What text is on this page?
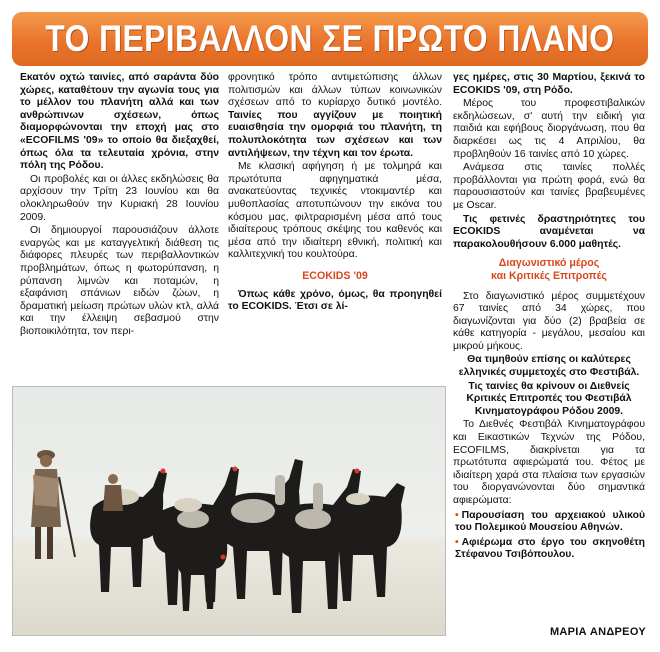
ΤΟ ΠΕΡΙΒΑΛΛΟΝ ΣΕ ΠΡΩΤΟ ΠΛΑΝΟ

Εκατόν οχτώ ταινίες, από σαράντα δύο χώρες, καταθέτουν την αγωνία τους για το μέλλον του πλανήτη αλλά και των ανθρώπινων σχέσεων, όπως διαμορφώνονται την εποχή μας στο «ECOFILMS '09» το οποίο θα διεξαχθεί, όπως όλα τα τελευταία χρόνια, στην πόλη της Ρόδου.

Οι προβολές και οι άλλες εκδηλώσεις θα αρχίσουν την Τρίτη 23 Ιουνίου και θα ολοκληρωθούν την Κυριακή 28 Ιουνίου 2009.

Οι δημιουργοί παρουσιάζουν άλλοτε εναργώς και με καταγγελτική διάθεση τις διάφορες πλευρές των περιβαλλοντικών προβλημάτων, όπως η φωτορύπανση, η ρύπανση λιμνών και ποταμών, η εξαφάνιση σπάνιων ειδών ζώων, η δραματική μείωση πρώτων υλών κτλ, αλλά και την έλλειψη σεβασμού στην βιοποικιλότητα, τον περι-

φρονητικό τρόπο αντιμετώπισης άλλων πολιτισμών και άλλων τύπων κοινωνικών σχέσεων από το κυρίαρχο δυτικό μοντέλο. Ταινίες που αγγίζουν με ποιητική ευαισθησία την ομορφιά του πλανήτη, τη πολυπλοκότητα των σχέσεων και των αντιλήψεων, την τέχνη και τον έρωτα.

Με κλασική αφήγηση ή με τολμηρά και πρωτότυπα αφηγηματικά μέσα, ανακατεύοντας τεχνικές ντοκιμαντέρ και μυθοπλασίας αποτυπώνουν την εικόνα του κόσμου μας, φιλτραρισμένη μέσα από τους ιδιαίτερους τρόπους σκέψης του καθενός και μέσα από την ιδιαίτερη εθνική, πολιτική και καλλιτεχνική του κουλτούρα.

ECOKIDS '09

Όπως κάθε χρόνο, όμως, θα προηγηθεί το ECOKIDS. Έτσι σε λί-

γες ημέρες, στις 30 Μαρτίου, ξεκινά το ECOKIDS '09, στη Ρόδο.

Μέρος του προφεστιβαλικών εκδηλώσεων, σ' αυτή την ειδική για παιδιά και εφήβους διοργάνωση, που θα διαρκέσει ως τις 4 Απριλίου, θα προβληθούν 16 ταινίες από 10 χώρες.

Ανάμεσα στις ταινίες πολλές προβάλλονται για πρώτη φορά, ενώ θα παρουσιαστούν και ταινίες βραβευμένες με Oscar.

Τις φετινές δραστηριότητες του ECOKIDS αναμένεται να παρακολουθήσουν 6.000 μαθητές.

Διαγωνιστικό μέρος
και Κριτικές Επιτροπές

Στο διαγωνιστικό μέρος συμμετέχουν 67 ταινίες από 34 χώρες, που διαγωνίζονται για δύο (2) βραβεία σε κάθε κατηγορία - μεγάλου, μεσαίου και μικρού μήκους.

Θα τιμηθούν επίσης οι καλύτερες ελληνικές συμμετοχές στο Φεστιβάλ.

Τις ταινίες θα κρίνουν οι Διεθνείς Κριτικές Επιτροπές του Φεστιβάλ Κινηματογράφου Ρόδου 2009.

Το Διεθνές Φεστιβάλ Κινηματογράφου και Εικαστικών Τεχνών της Ρόδου, ECOFILMS, διακρίνεται για τα πρωτότυπα αφιερώματά του. Φέτος με ιδιαίτερη χαρά στα πλαίσια των εργασιών του διοργανώνονται δύο σημαντικά αφιερώματα:

• Παρουσίαση του αρχειακού υλικού του Πολεμικού Μουσείου Αθηνών.

• Αφιέρωμα στο έργο του σκηνοθέτη Στέφανου Τσιβόπουλου.

ΜΑΡΙΑ ΑΝΔΡΕΟΥ
